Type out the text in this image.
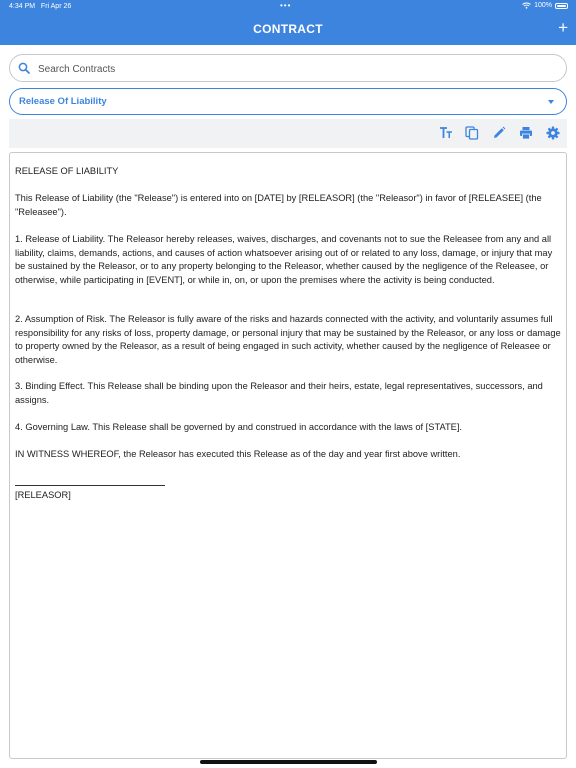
4:34 PM Fri Apr 26	•••	100%
CONTRACT	+
Search Contracts
Release Of Liability

RELEASE OF LIABILITY

This Release of Liability (the "Release") is entered into on [DATE] by [RELEASOR] (the "Releasor") in favor of [RELEASEE] (the "Releasee").

1. Release of Liability. The Releasor hereby releases, waives, discharges, and covenants not to sue the Releasee from any and all liability, claims, demands, actions, and causes of action whatsoever arising out of or related to any loss, damage, or injury that may be sustained by the Releasor, or to any property belonging to the Releasor, whether caused by the negligence of the Releasee, or otherwise, while participating in [EVENT], or while in, on, or upon the premises where the activity is being conducted.

2. Assumption of Risk. The Releasor is fully aware of the risks and hazards connected with the activity, and voluntarily assumes full responsibility for any risks of loss, property damage, or personal injury that may be sustained by the Releasor, or any loss or damage to property owned by the Releasor, as a result of being engaged in such activity, whether caused by the negligence of Releasee or otherwise.

3. Binding Effect. This Release shall be binding upon the Releasor and their heirs, estate, legal representatives, successors, and assigns.

4. Governing Law. This Release shall be governed by and construed in accordance with the laws of [STATE].

IN WITNESS WHEREOF, the Releasor has executed this Release as of the day and year first above written.

[RELEASOR]
